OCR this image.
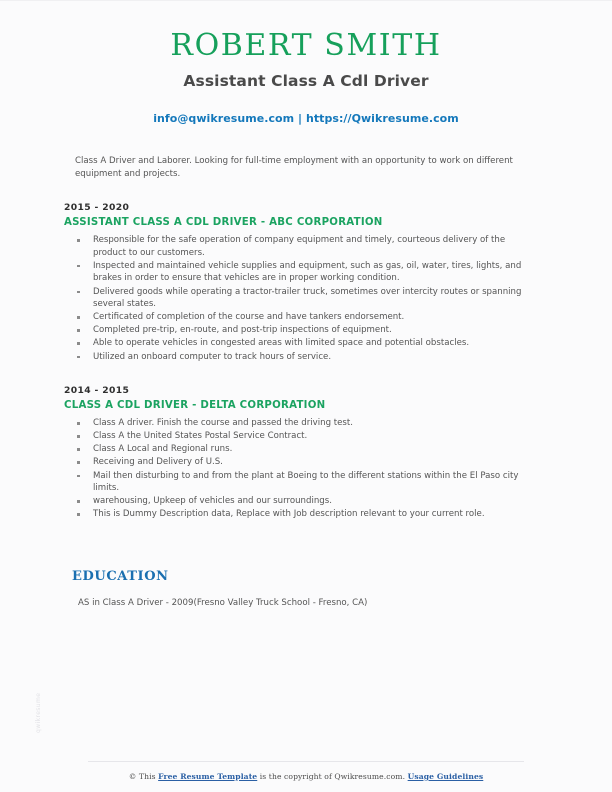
qwikresume
ROBERT SMITH
Assistant Class A Cdl Driver
info@qwikresume.com | https://Qwikresume.com

Class A Driver and Laborer. Looking for full-time employment with an opportunity to work on different equipment and projects.

2015 - 2020
ASSISTANT CLASS A CDL DRIVER - ABC CORPORATION
Responsible for the safe operation of company equipment and timely, courteous delivery of the product to our customers.
Inspected and maintained vehicle supplies and equipment, such as gas, oil, water, tires, lights, and brakes in order to ensure that vehicles are in proper working condition.
Delivered goods while operating a tractor-trailer truck, sometimes over intercity routes or spanning several states.
Certificated of completion of the course and have tankers endorsement.
Completed pre-trip, en-route, and post-trip inspections of equipment.
Able to operate vehicles in congested areas with limited space and potential obstacles.
Utilized an onboard computer to track hours of service.
2014 - 2015
CLASS A CDL DRIVER - DELTA CORPORATION
Class A driver. Finish the course and passed the driving test.
Class A the United States Postal Service Contract.
Class A Local and Regional runs.
Receiving and Delivery of U.S.
Mail then disturbing to and from the plant at Boeing to the different stations within the El Paso city limits.
warehousing, Upkeep of vehicles and our surroundings.
This is Dummy Description data, Replace with Job description relevant to your current role.
EDUCATION
AS in Class A Driver - 2009(Fresno Valley Truck School - Fresno, CA)
© This Free Resume Template is the copyright of Qwikresume.com. Usage Guidelines
